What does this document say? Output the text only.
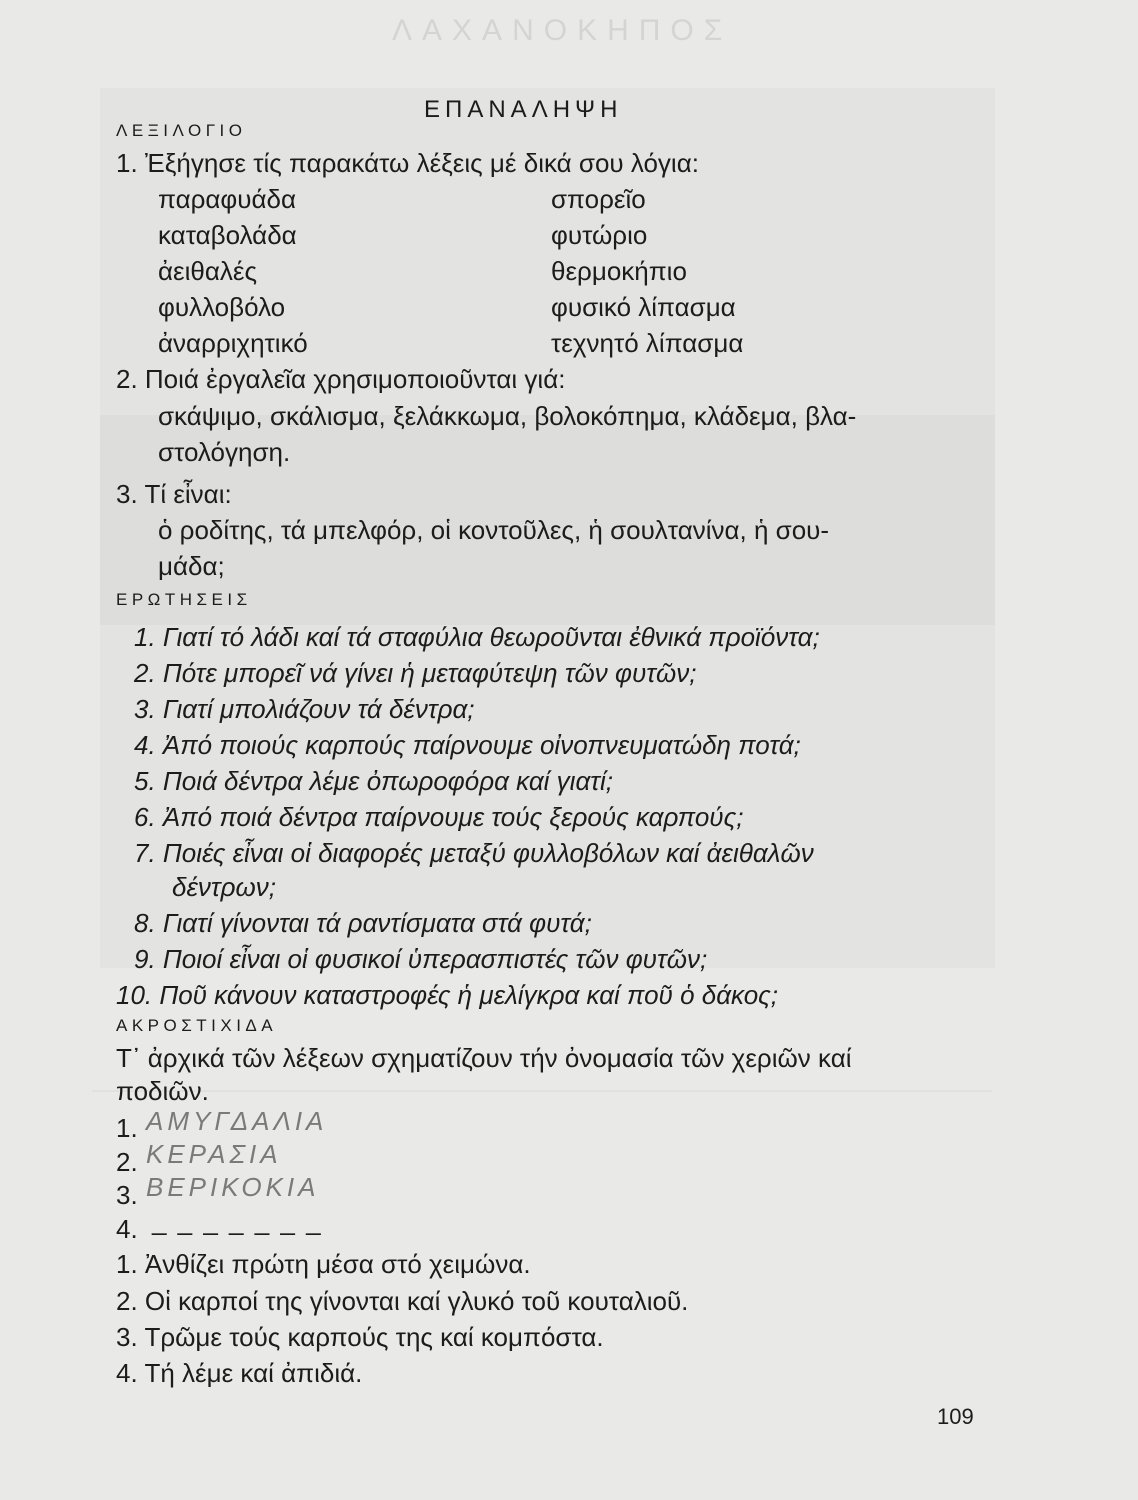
ΛΑΧΑΝΟΚΗΠΟΣ
ΕΠΑΝΑΛΗΨΗ
ΛΕΞΙΛΟΓΙΟ
1. Ἐξήγησε τίς παρακάτω λέξεις μέ δικά σου λόγια:
παραφυάδα
καταβολάδα
ἀειθαλές
φυλλοβόλο
ἀναρριχητικό
σπορεῖο
φυτώριο
θερμοκήπιο
φυσικό λίπασμα
τεχνητό λίπασμα
2. Ποιά ἐργαλεῖα χρησιμοποιοῦνται γιά:
σκάψιμο, σκάλισμα, ξελάκκωμα, βολοκόπημα, κλάδεμα, βλα-
στολόγηση.
3. Τί εἶναι:
ὁ ροδίτης, τά μπελφόρ, οἱ κοντοῦλες, ἡ σουλτανίνα, ἡ σου-
μάδα;
ΕΡΩΤΗΣΕΙΣ
1. Γιατί τό λάδι καί τά σταφύλια θεωροῦνται ἐθνικά προϊόντα;
2. Πότε μπορεῖ νά γίνει ἡ μεταφύτεψη τῶν φυτῶν;
3. Γιατί μπολιάζουν τά δέντρα;
4. Ἀπό ποιούς καρπούς παίρνουμε οἰνοπνευματώδη ποτά;
5. Ποιά δέντρα λέμε ὀπωροφόρα καί γιατί;
6. Ἀπό ποιά δέντρα παίρνουμε τούς ξερούς καρπούς;
7. Ποιές εἶναι οἱ διαφορές μεταξύ φυλλοβόλων καί ἀειθαλῶν
δέντρων;
8. Γιατί γίνονται τά ραντίσματα στά φυτά;
9. Ποιοί εἶναι οἱ φυσικοί ὑπερασπιστές τῶν φυτῶν;
10. Ποῦ κάνουν καταστροφές ἡ μελίγκρα καί ποῦ ὁ δάκος;
ΑΚΡΟΣΤΙΧΙΔΑ
Τ᾽ ἀρχικά τῶν λέξεων σχηματίζουν τήν ὀνομασία τῶν χεριῶν καί
ποδιῶν.
1. ΑΜΥΓΔΑΛΙΑ
2. ΚΕΡΑΣΙΑ
3. ΒΕΡΙΚΟΚΙΑ
4. _ _ _ _ _ _ _
1. Ἀνθίζει πρώτη μέσα στό χειμώνα.
2. Οἱ καρποί της γίνονται καί γλυκό τοῦ κουταλιοῦ.
3. Τρῶμε τούς καρπούς της καί κομπόστα.
4. Τή λέμε καί ἀπιδιά.
109
